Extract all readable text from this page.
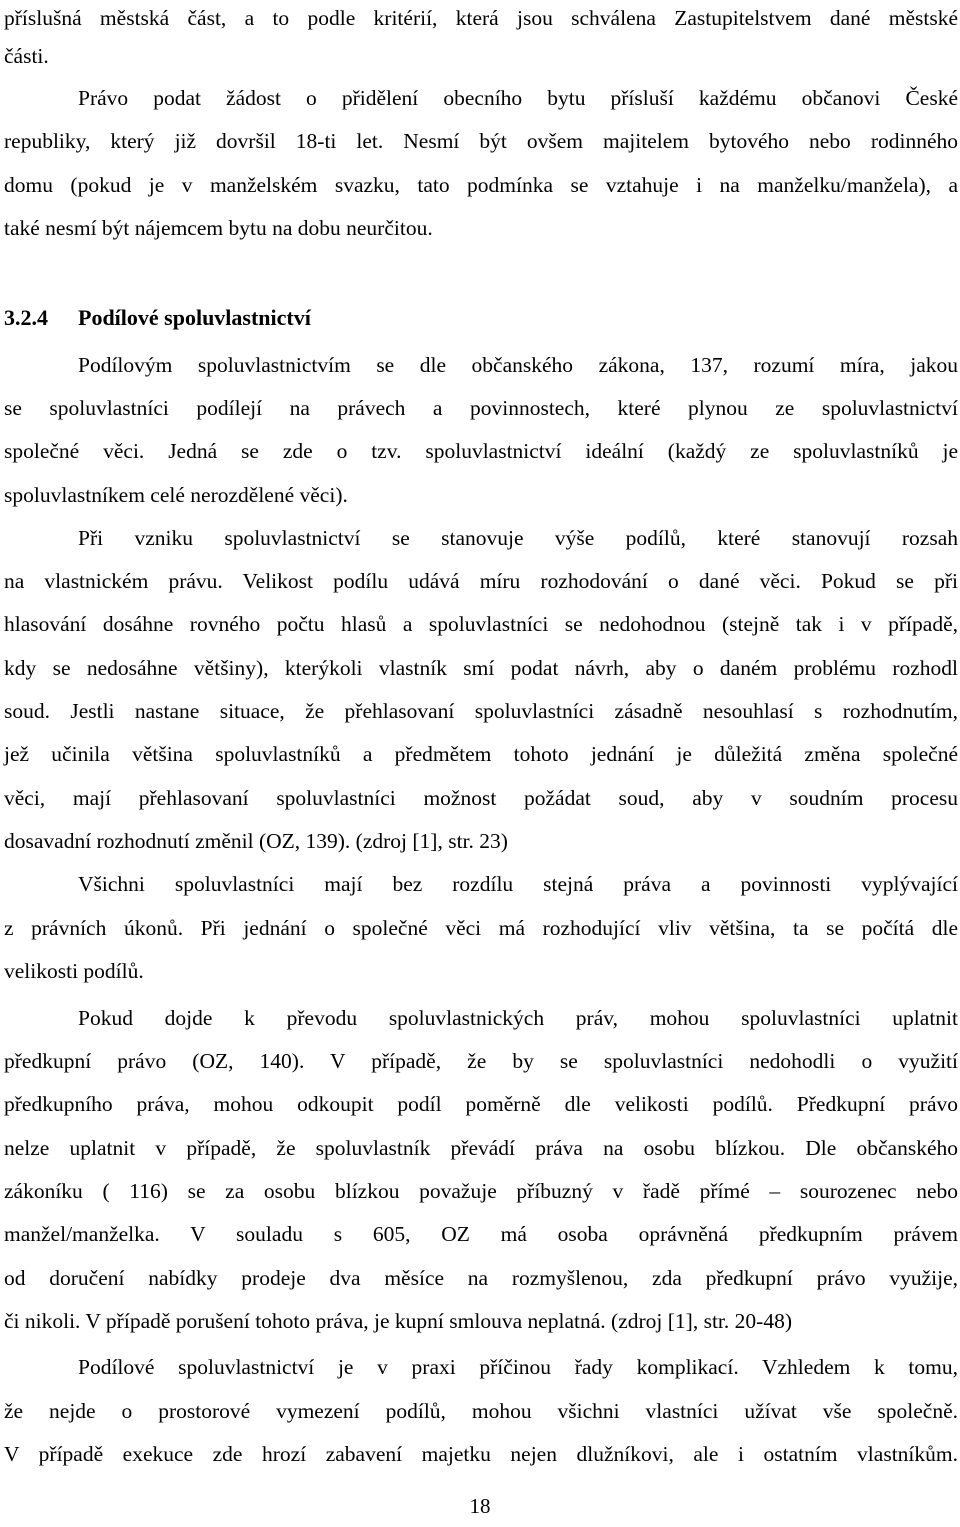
příslušná městská část, a to podle kritérií, která jsou schválena Zastupitelstvem dané městské
části.
Právo podat žádost o přidělení obecního bytu přísluší každému občanovi České
republiky, který již dovršil 18-ti let. Nesmí být ovšem majitelem bytového nebo rodinného
domu (pokud je v manželském svazku, tato podmínka se vztahuje i na manželku/manžela), a
také nesmí být nájemcem bytu na dobu neurčitou.
3.2.4 Podílové spoluvlastnictví
Podílovým spoluvlastnictvím se dle občanského zákona, 137, rozumí míra, jakou
se spoluvlastníci podílejí na právech a povinnostech, které plynou ze spoluvlastnictví
společné věci. Jedná se zde o tzv. spoluvlastnictví ideální (každý ze spoluvlastníků je
spoluvlastníkem celé nerozdělené věci).
Při vzniku spoluvlastnictví se stanovuje výše podílů, které stanovují rozsah
na vlastnickém právu. Velikost podílu udává míru rozhodování o dané věci. Pokud se při
hlasování dosáhne rovného počtu hlasů a spoluvlastníci se nedohodnou (stejně tak i v případě,
kdy se nedosáhne většiny), kterýkoli vlastník smí podat návrh, aby o daném problému rozhodl
soud. Jestli nastane situace, že přehlasovaní spoluvlastníci zásadně nesouhlasí s rozhodnutím,
jež učinila většina spoluvlastníků a předmětem tohoto jednání je důležitá změna společné
věci, mají přehlasovaní spoluvlastníci možnost požádat soud, aby v soudním procesu
dosavadní rozhodnutí změnil (OZ, 139). (zdroj [1], str. 23)
Všichni spoluvlastníci mají bez rozdílu stejná práva a povinnosti vyplývající
z právních úkonů. Při jednání o společné věci má rozhodující vliv většina, ta se počítá dle
velikosti podílů.
Pokud dojde k převodu spoluvlastnických práv, mohou spoluvlastníci uplatnit
předkupní právo (OZ, 140). V případě, že by se spoluvlastníci nedohodli o využití
předkupního práva, mohou odkoupit podíl poměrně dle velikosti podílů. Předkupní právo
nelze uplatnit v případě, že spoluvlastník převádí práva na osobu blízkou. Dle občanského
zákoníku ( 116) se za osobu blízkou považuje příbuzný v řadě přímé – sourozenec nebo
manžel/manželka. V souladu s 605, OZ má osoba oprávněná předkupním právem
od doručení nabídky prodeje dva měsíce na rozmyšlenou, zda předkupní právo využije,
či nikoli. V případě porušení tohoto práva, je kupní smlouva neplatná. (zdroj [1], str. 20-48)
Podílové spoluvlastnictví je v praxi příčinou řady komplikací. Vzhledem k tomu,
že nejde o prostorové vymezení podílů, mohou všichni vlastníci užívat vše společně.
V případě exekuce zde hrozí zabavení majetku nejen dlužníkovi, ale i ostatním vlastníkům.
18
